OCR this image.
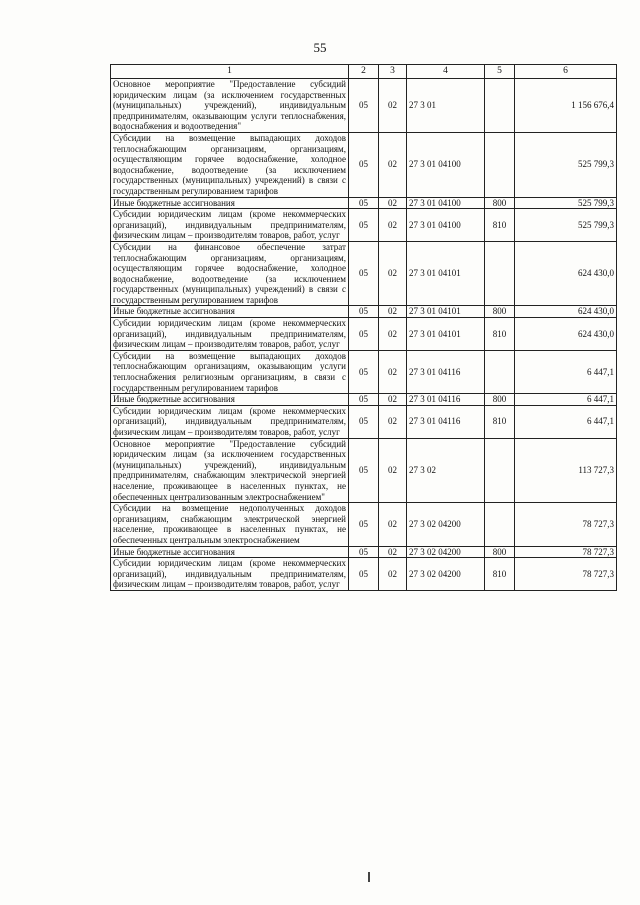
55
1	2	3	4	5	6
Основное мероприятие "Предоставление субсидий юридическим лицам (за исключением государственных (муниципальных) учреждений), индивидуальным предпринимателям, оказывающим услуги теплоснабжения, водоснабжения и водоотведения"	05	02	27 3 01		1 156 676,4
Субсидии на возмещение выпадающих доходов теплоснабжающим организациям, организациям, осуществляющим горячее водоснабжение, холодное водоснабжение, водоотведение (за исключением государственных (муниципальных) учреждений) в связи с государственным регулированием тарифов	05	02	27 3 01 04100		525 799,3
Иные бюджетные ассигнования	05	02	27 3 01 04100	800	525 799,3
Субсидии юридическим лицам (кроме некоммерческих организаций), индивидуальным предпринимателям, физическим лицам – производителям товаров, работ, услуг	05	02	27 3 01 04100	810	525 799,3
Субсидии на финансовое обеспечение затрат теплоснабжающим организациям, организациям, осуществляющим горячее водоснабжение, холодное водоснабжение, водоотведение (за исключением государственных (муниципальных) учреждений) в связи с государственным регулированием тарифов	05	02	27 3 01 04101		624 430,0
Иные бюджетные ассигнования	05	02	27 3 01 04101	800	624 430,0
Субсидии юридическим лицам (кроме некоммерческих организаций), индивидуальным предпринимателям, физическим лицам – производителям товаров, работ, услуг	05	02	27 3 01 04101	810	624 430,0
Субсидии на возмещение выпадающих доходов теплоснабжающим организациям, оказывающим услуги теплоснабжения религиозным организациям, в связи с государственным регулированием тарифов	05	02	27 3 01 04116		6 447,1
Иные бюджетные ассигнования	05	02	27 3 01 04116	800	6 447,1
Субсидии юридическим лицам (кроме некоммерческих организаций), индивидуальным предпринимателям, физическим лицам – производителям товаров, работ, услуг	05	02	27 3 01 04116	810	6 447,1
Основное мероприятие "Предоставление субсидий юридическим лицам (за исключением государственных (муниципальных) учреждений), индивидуальным предпринимателям, снабжающим электрической энергией население, проживающее в населенных пунктах, не обеспеченных централизованным электроснабжением"	05	02	27 3 02		113 727,3
Субсидии на возмещение недополученных доходов организациям, снабжающим электрической энергией население, проживающее в населенных пунктах, не обеспеченных центральным электроснабжением	05	02	27 3 02 04200		78 727,3
Иные бюджетные ассигнования	05	02	27 3 02 04200	800	78 727,3
Субсидии юридическим лицам (кроме некоммерческих организаций), индивидуальным предпринимателям, физическим лицам – производителям товаров, работ, услуг	05	02	27 3 02 04200	810	78 727,3
